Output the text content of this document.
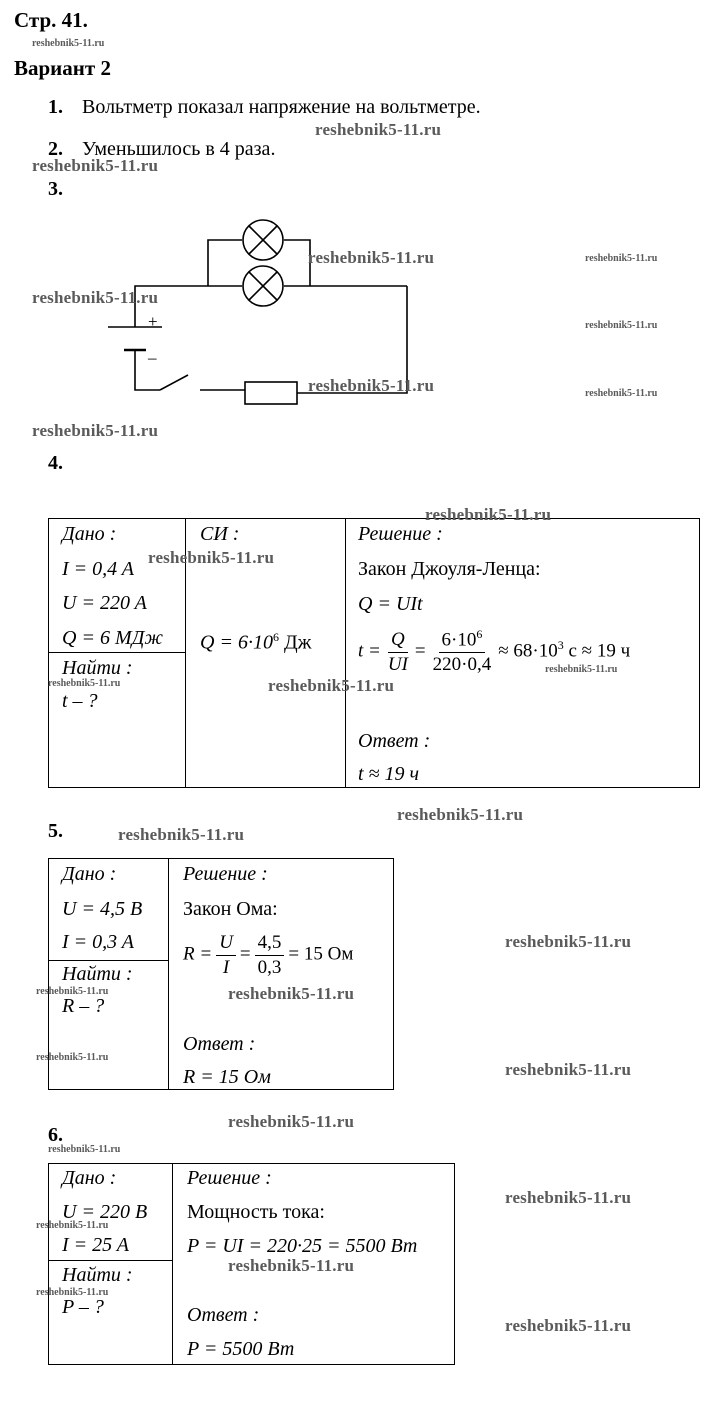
Стр. 41.
Вариант 2
1. Вольтметр показал напряжение на вольтметре.
2. Уменьшилось в 4 раза.
3.
+
–
4.
Дано :
I = 0,4 A
U = 220 A
Q = 6 МДж
Найти :
t – ?
СИ :
$Q = 6\cdot 10^6$ Дж
Решение :
Закон Джоуля-Ленца:
Q = UIt
$t = \frac{Q}{UI} = \frac{6\cdot 10^6}{220\cdot 0,4} \approx 68\cdot 10^3$ с ≈ 19 ч
Ответ :
t ≈ 19 ч
5.
Дано :
U = 4,5 В
I = 0,3 A
Найти :
R – ?
Решение :
Закон Ома:
$R = \frac{U}{I} = \frac{4,5}{0,3} = 15$ Ом
Ответ :
R = 15 Ом
6.
Дано :
U = 220 В
I = 25 A
Найти :
P – ?
Решение :
Мощность тока:
P = UI = 220·25 = 5500 Вт
Ответ :
P = 5500 Вт
reshebnik5-11.ru
reshebnik5-11.ru
reshebnik5-11.ru
reshebnik5-11.ru	reshebnik5-11.ru
reshebnik5-11.ru
reshebnik5-11.ru
reshebnik5-11.ru	reshebnik5-11.ru
reshebnik5-11.ru
reshebnik5-11.ru
reshebnik5-11.ru
reshebnik5-11.ru
reshebnik5-11.ru	reshebnik5-11.ru
reshebnik5-11.ru
reshebnik5-11.ru
reshebnik5-11.ru
reshebnik5-11.ru	reshebnik5-11.ru
reshebnik5-11.ru
reshebnik5-11.ru
reshebnik5-11.ru
reshebnik5-11.ru
reshebnik5-11.ru
reshebnik5-11.ru
reshebnik5-11.ru
reshebnik5-11.ru
reshebnik5-11.ru
